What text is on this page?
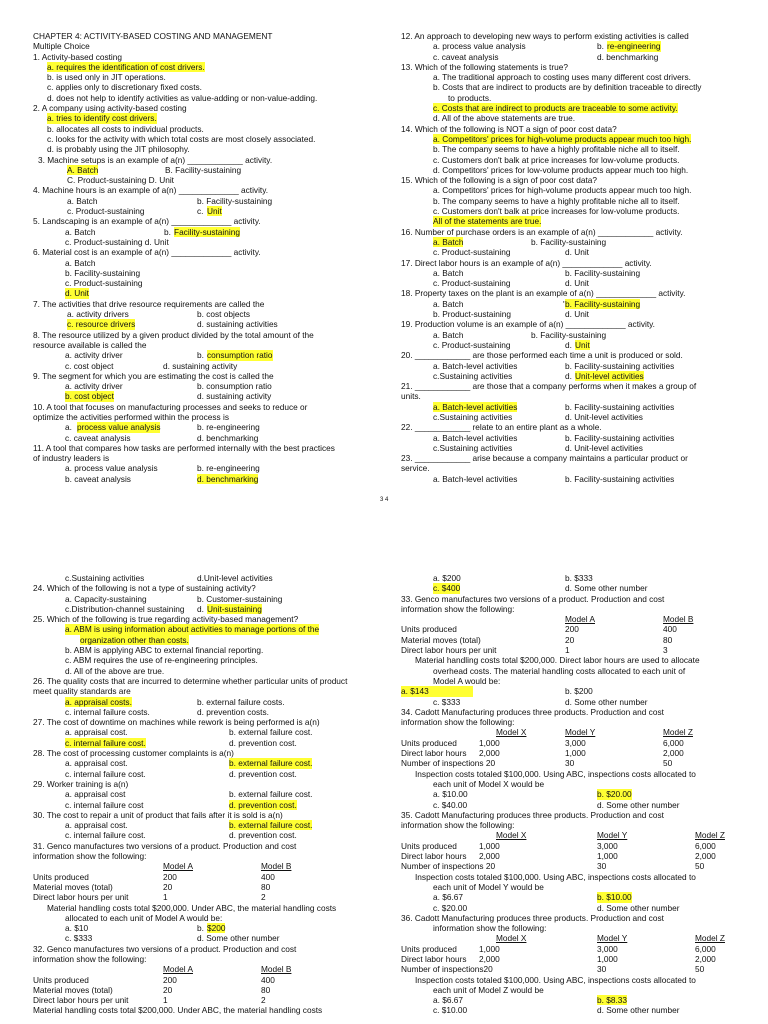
CHAPTER 4: ACTIVITY-BASED COSTING AND MANAGEMENT
Multiple Choice
1. Activity-based costing
a. requires the identification of cost drivers.
b. is used only in JIT operations.
c. applies only to discretionary fixed costs.
d. does not help to identify activities as value-adding or non-value-adding.
2. A company using activity-based costing
a. tries to identify cost drivers.
b. allocates all costs to individual products.
c. looks for the activity with which total costs are most closely associated.
d. is probably using the JIT philosophy.
3. Machine setups is an example of a(n) ____________ activity.
A. Batch	B. Facility-sustaining
C. Product-sustaining D. Unit
4. Machine hours is an example of a(n) _____________ activity.
a. Batch	b. Facility-sustaining
c. Product-sustaining	c. Unit
5. Landscaping is an example of a(n) _____________ activity.
a. Batch	b. Facility-sustaining
c. Product-sustaining d. Unit
6. Material cost is an example of a(n) _____________ activity.
a. Batch
b. Facility-sustaining
c. Product-sustaining
d. Unit
7. The activities that drive resource requirements are called the
a. activity drivers	b. cost objects
c. resource drivers	d. sustaining activities
8. The resource utilized by a given product divided by the total amount of the
resource available is called the
a. activity driver	b. consumption ratio
c. cost object	d. sustaining activity
9. The segment for which you are estimating the cost is called the
a. activity driver	b. consumption ratio
b. cost object	d. sustaining activity
10. A tool that focuses on manufacturing processes and seeks to reduce or
optimize the activities performed within the process is
a. process value analysis	b. re-engineering
c. caveat analysis	d. benchmarking
11. A tool that compares how tasks are performed internally with the best practices
of industry leaders is
a. process value analysis	b. re-engineering
b. caveat analysis	d. benchmarking
12. An approach to developing new ways to perform existing activities is called
a. process value analysis	b. re-engineering
c. caveat analysis	d. benchmarking
13. Which of the following statements is true?
a. The traditional approach to costing uses many different cost drivers.
b. Costs that are indirect to products are by definition traceable to directly
to products.
c. Costs that are indirect to products are traceable to some activity.
d. All of the above statements are true.
14. Which of the following is NOT a sign of poor cost data?
a. Competitors' prices for high-volume products appear much too high.
b. The company seems to have a highly profitable niche all to itself.
c. Customers don't balk at price increases for low-volume products.
d. Competitors' prices for low-volume products appear much too high.
15. Which of the following is a sign of poor cost data?
a. Competitors' prices for high-volume products appear much too high.
b. The company seems to have a highly profitable niche all to itself.
c. Customers don't balk at price increases for low-volume products.
All of the statements are true.
16. Number of purchase orders is an example of a(n) ____________ activity.
a. Batch	b. Facility-sustaining
c. Product-sustaining	d. Unit
17. Direct labor hours is an example of a(n) _____________ activity.
a. Batch	b. Facility-sustaining
c. Product-sustaining	d. Unit
18. Property taxes on the plant is an example of a(n) _____________ activity.
a. Batch	' b. Facility-sustaining
b. Product-sustaining	d. Unit
19. Production volume is an example of a(n) _____________ activity.
a. Batch	b. Facility-sustaining
c. Product-sustaining	d. Unit
20. ____________ are those performed each time a unit is produced or sold.
a. Batch-level activities	b. Facility-sustaining activities
c.Sustaining activities	d. Unit-level activities
21. ____________ are those that a company performs when it makes a group of
units.
a. Batch-level activities	b. Facility-sustaining activities
c.Sustaining activities	d. Unit-level activities
22. ____________ relate to an entire plant as a whole.
a. Batch-level activities	b. Facility-sustaining activities
c.Sustaining activities	d. Unit-level activities
23. ____________ arise because a company maintains a particular product or
service.
a. Batch-level activities	b. Facility-sustaining activities
3 4
c.Sustaining activities	d.Unit-level activities
24. Which of the following is not a type of sustaining activity?
a. Capacity-sustaining	b. Customer-sustaining
c.Distribution-channel sustaining d. Unit-sustaining
25. Which of the following is true regarding activity-based management?
a. ABM is using information about activities to manage portions of the
organization other than costs.
b. ABM is applying ABC to external financial reporting.
c. ABM requires the use of re-engineering principles.
d. All of the above are true.
26. The quality costs that are incurred to determine whether particular units of product
meet quality standards are
a. appraisal costs.	b. external failure costs.
c. internal failure costs.	d. prevention costs.
27. The cost of downtime on machines while rework is being performed is a(n)
a. appraisal cost.	b. external failure cost.
c. internal failure cost.	d. prevention cost.
28. The cost of processing customer complaints is a(n)
a. appraisal cost.	b. external failure cost.
c. internal failure cost.	d. prevention cost.
29. Worker training is a(n)
a. appraisal cost	b. external failure cost.
c. internal failure cost	d. prevention cost.
30. The cost to repair a unit of product that fails after it is sold is a(n)
a. appraisal cost.	b. external failure cost.
c. internal failure cost.	d. prevention cost.
31. Genco manufactures two versions of a product. Production and cost
information show the following:
Model A	Model B
Units produced	200	400
Material moves (total)	20	80
Direct labor hours per unit	1	2
Material handling costs total $200,000. Under ABC, the material handling costs
allocated to each unit of Model A would be:
a. $10	b. $200
c. $333	d. Some other number
32. Genco manufactures two versions of a product. Production and cost
information show the following:
Model A	Model B
Units produced	200	400
Material moves (total)	20	80
Direct labor hours per unit	1	2
Material handling costs total $200,000. Under ABC, the material handling costs
a. $200	b. $333
c. $400	d. Some other number
33. Genco manufactures two versions of a product. Production and cost
information show the following:
Model A	Model B
Units produced	200	400
Material moves (total)	20	80
Direct labor hours per unit	1	3
Material handling costs total $200,000. Direct labor hours are used to allocate
overhead costs. The material handling costs allocated to each unit of
Model A would be:
a. $143	b. $200
c. $333	d. Some other number
34. Cadott Manufacturing produces three products. Production and cost
information show the following:
Model X	Model Y	Model Z
Units produced	1,000	3,000	6,000
Direct labor hours 2,000	1,000	2,000
Number of inspections 20	30	50
Inspection costs totaled $100,000. Using ABC, inspections costs allocated to
each unit of Model X would be
a. $10.00	b. $20.00
c. $40.00	d. Some other number
35. Cadott Manufacturing produces three products. Production and cost
information show the following:
Model X	Model Y	Model Z
Units produced	1,000	3,000	6,000
Direct labor hours 2,000	1,000	2,000
Number of inspections 20	30	50
Inspection costs totaled $100,000. Using ABC, inspections costs allocated to
each unit of Model Y would be
a. $6.67	b. $10.00
c. $20.00	d. Some other number
36. Cadott Manufacturing produces three products. Production and cost
information show the following:
Model X	Model Y	Model Z
Units produced	1,000	3,000	6,000
Direct labor hours 2,000	1,000	2,000
Number of inspections20	30	50
Inspection costs totaled $100,000. Using ABC, inspections costs allocated to
each unit of Model Z would be
a. $6.67	b. $8.33
c. $10.00	d. Some other number
